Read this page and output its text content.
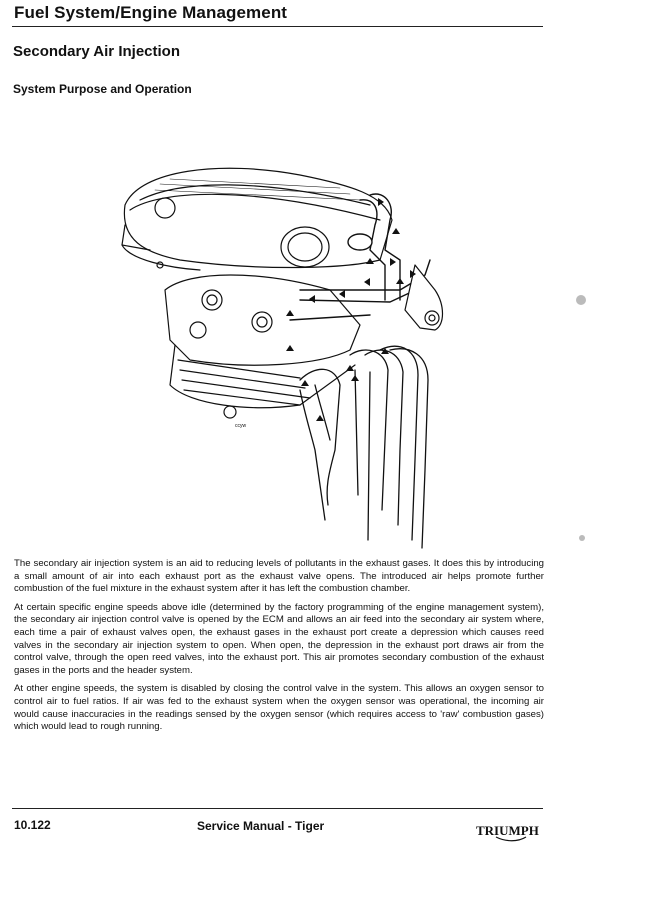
Fuel System/Engine Management
Secondary Air Injection
System Purpose and Operation
ccyw

The secondary air injection system is an aid to reducing levels of pollutants in the exhaust gases. It does this by introducing a small amount of air into each exhaust port as the exhaust valve opens. The introduced air helps promote further combustion of the fuel mixture in the exhaust system after it has left the combustion chamber.

At certain specific engine speeds above idle (determined by the factory programming of the engine management system), the secondary air injection control valve is opened by the ECM and allows an air feed into the secondary air system where, each time a pair of exhaust valves open, the exhaust gases in the exhaust port create a depression which causes reed valves in the secondary air injection system to open. When open, the depression in the exhaust port draws air from the control valve, through the open reed valves, into the exhaust port. This air promotes secondary combustion of the exhaust gases in the ports and the header system.

At other engine speeds, the system is disabled by closing the control valve in the system. This allows an oxygen sensor to control air to fuel ratios. If air was fed to the exhaust system when the oxygen sensor was operational, the incoming air would cause inaccuracies in the readings sensed by the oxygen sensor (which requires access to 'raw' combustion gases) which would lead to rough running.

10.122	Service Manual - Tiger	TRIUMPH
